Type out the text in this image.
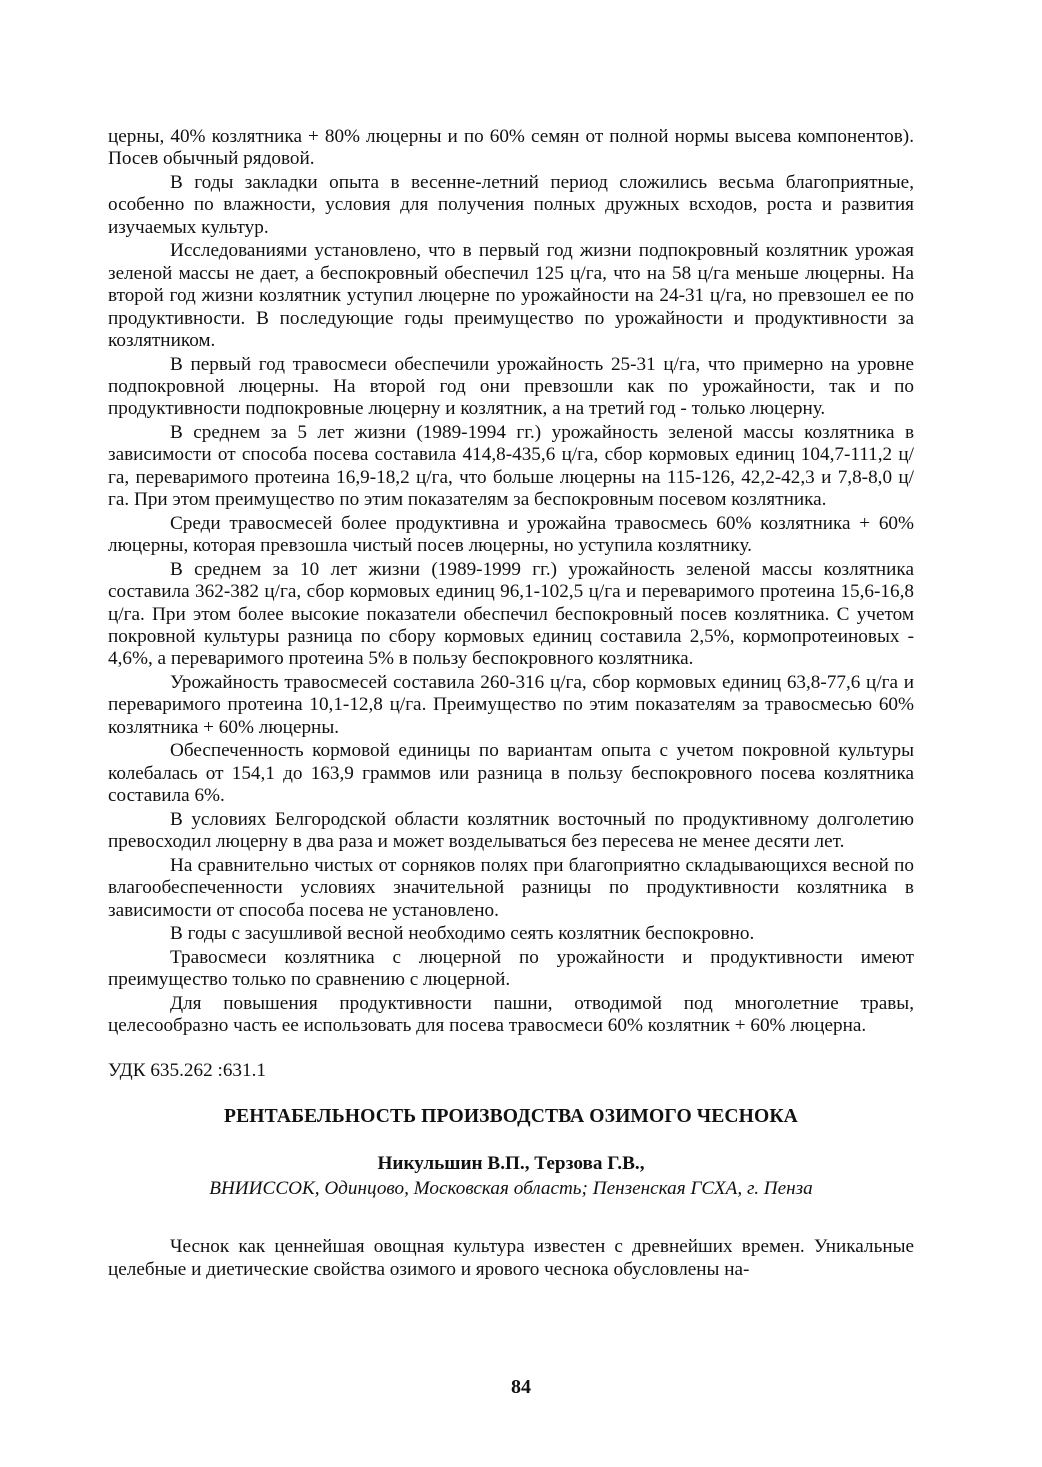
церны, 40% козлятника + 80% люцерны и по 60% семян от полной нормы высева компонентов). Посев обычный рядовой.

В годы закладки опыта в весенне-летний период сложились весьма благоприятные, особенно по влажности, условия для получения полных дружных всходов, роста и развития изучаемых культур.

Исследованиями установлено, что в первый год жизни подпокровный козлятник урожая зеленой массы не дает, а беспокровный обеспечил 125 ц/га, что на 58 ц/га меньше люцерны. На второй год жизни козлятник уступил люцерне по урожайности на 24-31 ц/га, но превзошел ее по продуктивности. В последующие годы преимущество по урожайности и продуктивности за козлятником.

В первый год травосмеси обеспечили урожайность 25-31 ц/га, что примерно на уровне подпокровной люцерны. На второй год они превзошли как по урожайности, так и по продуктивности подпокровные люцерну и козлятник, а на третий год - только люцерну.

В среднем за 5 лет жизни (1989-1994 гг.) урожайность зеленой массы козлятника в зависимости от способа посева составила 414,8-435,6 ц/га, сбор кормовых единиц 104,7-111,2 ц/га, переваримого протеина 16,9-18,2 ц/га, что больше люцерны на 115-126, 42,2-42,3 и 7,8-8,0 ц/га. При этом преимущество по этим показателям за беспокровным посевом козлятника.

Среди травосмесей более продуктивна и урожайна травосмесь 60% козлятника + 60% люцерны, которая превзошла чистый посев люцерны, но уступила козлятнику.

В среднем за 10 лет жизни (1989-1999 гг.) урожайность зеленой массы козлятника составила 362-382 ц/га, сбор кормовых единиц 96,1-102,5 ц/га и переваримого протеина 15,6-16,8 ц/га. При этом более высокие показатели обеспечил беспокровный посев козлятника. С учетом покровной культуры разница по сбору кормовых единиц составила 2,5%, кормопротеиновых - 4,6%, а переваримого протеина 5% в пользу беспокровного козлятника.

Урожайность травосмесей составила 260-316 ц/га, сбор кормовых единиц 63,8-77,6 ц/га и переваримого протеина 10,1-12,8 ц/га. Преимущество по этим показателям за травосмесью 60% козлятника + 60% люцерны.

Обеспеченность кормовой единицы по вариантам опыта с учетом покровной культуры колебалась от 154,1 до 163,9 граммов или разница в пользу беспокровного посева козлятника составила 6%.

В условиях Белгородской области козлятник восточный по продуктивному долголетию превосходил люцерну в два раза и может возделываться без пересева не менее десяти лет.

На сравнительно чистых от сорняков полях при благоприятно складывающихся весной по влагообеспеченности условиях значительной разницы по продуктивности козлятника в зависимости от способа посева не установлено.

В годы с засушливой весной необходимо сеять козлятник беспокровно.

Травосмеси козлятника с люцерной по урожайности и продуктивности имеют преимущество только по сравнению с люцерной.

Для повышения продуктивности пашни, отводимой под многолетние травы, целесообразно часть ее использовать для посева травосмеси 60% козлятник + 60% люцерна.

УДК 635.262 :631.1
РЕНТАБЕЛЬНОСТЬ ПРОИЗВОДСТВА ОЗИМОГО ЧЕСНОКА
Никульшин В.П., Терзова Г.В.,
ВНИИССОК, Одинцово, Московская область; Пензенская ГСХА, г. Пенза

Чеснок как ценнейшая овощная культура известен с древнейших времен. Уникальные целебные и диетические свойства озимого и ярового чеснока обусловлены на-

84
